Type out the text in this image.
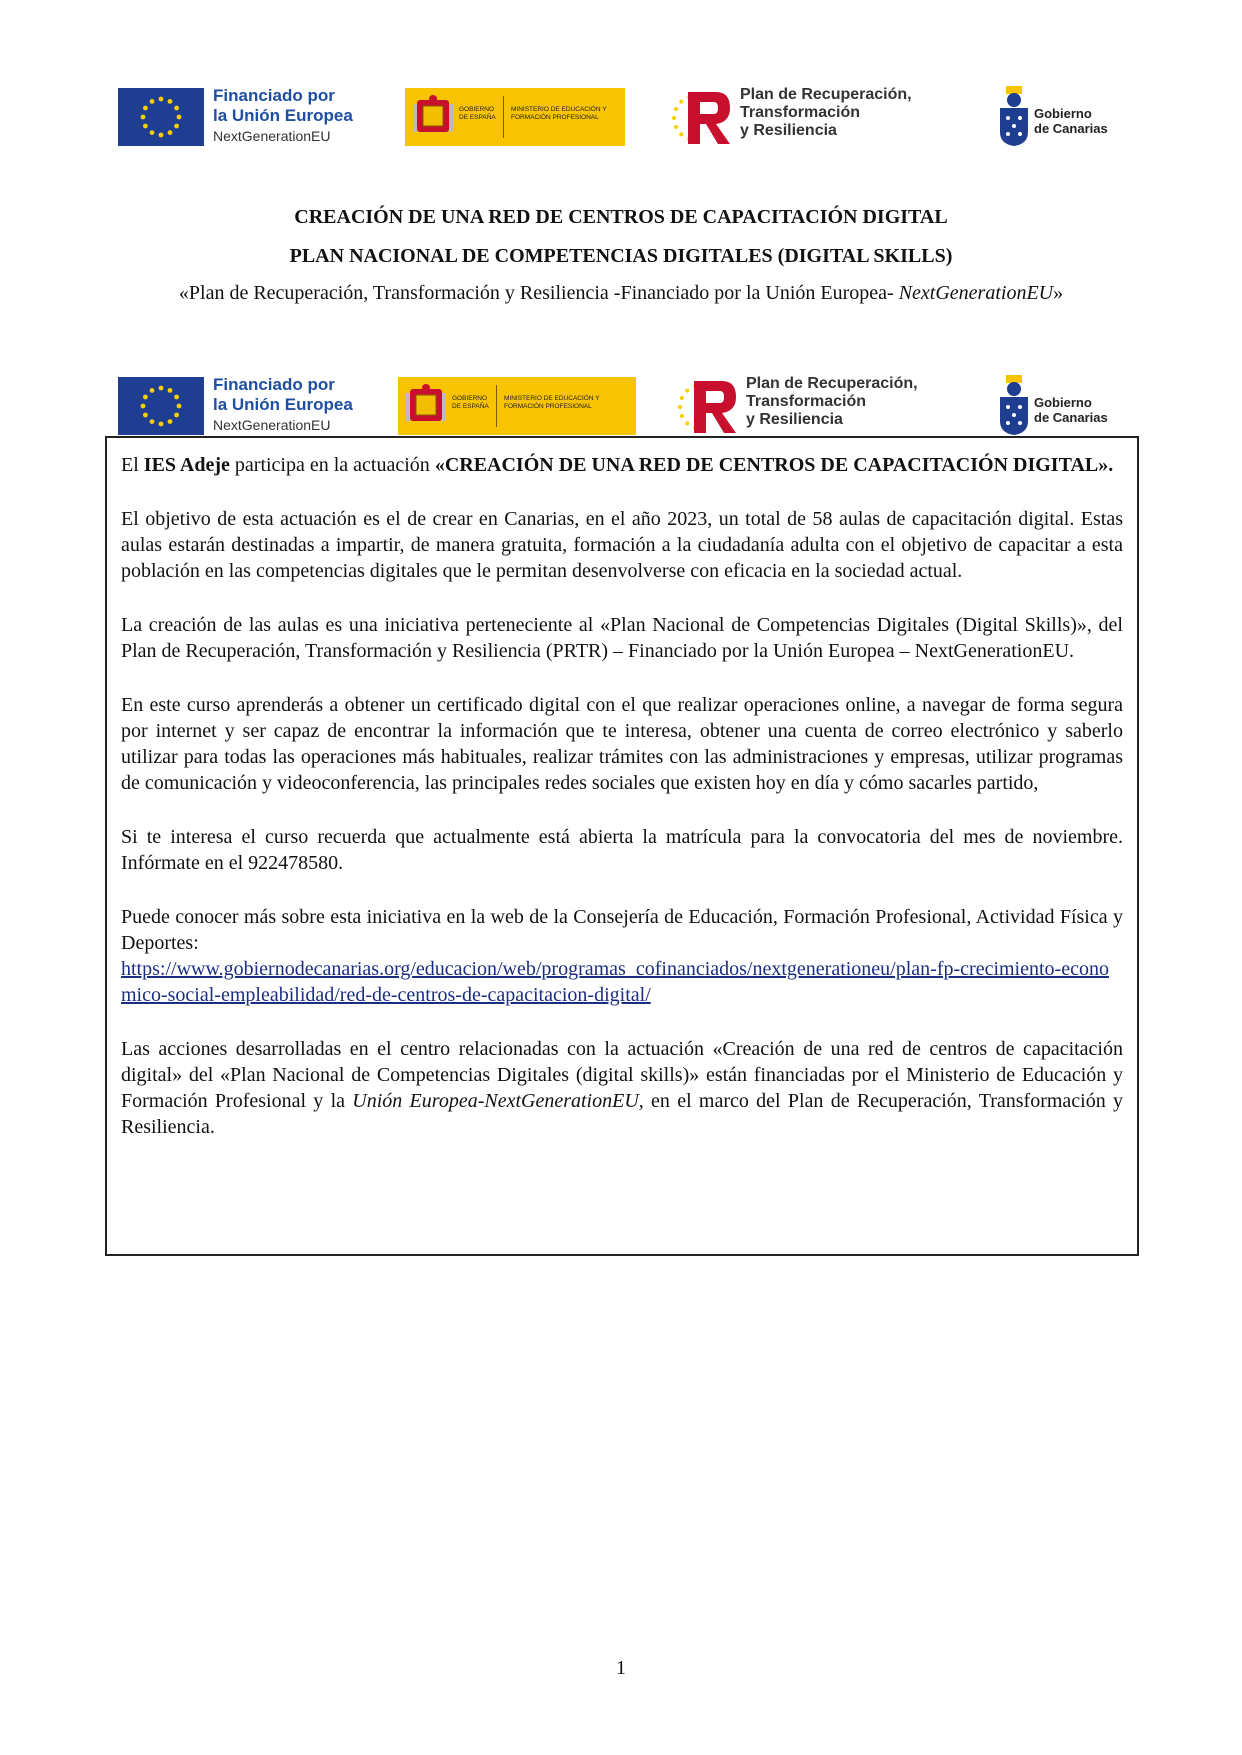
Financiado por
la Unión Europea
NextGenerationEU
GOBIERNO DE ESPAÑA
MINISTERIO DE EDUCACIÓN Y FORMACIÓN PROFESIONAL
Plan de Recuperación,
Transformación
y Resiliencia
Gobierno
de Canarias
CREACIÓN DE UNA RED DE CENTROS DE CAPACITACIÓN DIGITAL
PLAN NACIONAL DE COMPETENCIAS DIGITALES (DIGITAL SKILLS)
«Plan de Recuperación, Transformación y Resiliencia -Financiado por la Unión Europea- NextGenerationEU»
Financiado por
la Unión Europea
NextGenerationEU
GOBIERNO DE ESPAÑA
MINISTERIO DE EDUCACIÓN Y FORMACIÓN PROFESIONAL
Plan de Recuperación,
Transformación
y Resiliencia
Gobierno
de Canarias

El IES Adeje participa en la actuación «CREACIÓN DE UNA RED DE CENTROS DE CAPACITACIÓN DIGITAL».

El objetivo de esta actuación es el de crear en Canarias, en el año 2023, un total de 58 aulas de capacitación digital. Estas aulas estarán destinadas a impartir, de manera gratuita, formación a la ciudadanía adulta con el objetivo de capacitar a esta población en las competencias digitales que le permitan desenvolverse con eficacia en la sociedad actual.

La creación de las aulas es una iniciativa perteneciente al «Plan Nacional de Competencias Digitales (Digital Skills)», del Plan de Recuperación, Transformación y Resiliencia (PRTR) – Financiado por la Unión Europea – NextGenerationEU.

En este curso aprenderás a obtener un certificado digital con el que realizar operaciones online, a navegar de forma segura por internet y ser capaz de encontrar la información que te interesa, obtener una cuenta de correo electrónico y saberlo utilizar para todas las operaciones más habituales, realizar trámites con las administraciones y empresas, utilizar programas de comunicación y videoconferencia, las principales redes sociales que existen hoy en día y cómo sacarles partido,

Si te interesa el curso recuerda que actualmente está abierta la matrícula para la convocatoria del mes de noviembre. Infórmate en el 922478580.

Puede conocer más sobre esta iniciativa en la web de la Consejería de Educación, Formación Profesional, Actividad Física y Deportes:
https://www.gobiernodecanarias.org/educacion/web/programas_cofinanciados/nextgenerationeu/plan-fp-crecimiento-economico-social-empleabilidad/red-de-centros-de-capacitacion-digital/

Las acciones desarrolladas en el centro relacionadas con la actuación «Creación de una red de centros de capacitación digital» del «Plan Nacional de Competencias Digitales (digital skills)» están financiadas por el Ministerio de Educación y Formación Profesional y la Unión Europea-NextGenerationEU, en el marco del Plan de Recuperación, Transformación y Resiliencia.

1
